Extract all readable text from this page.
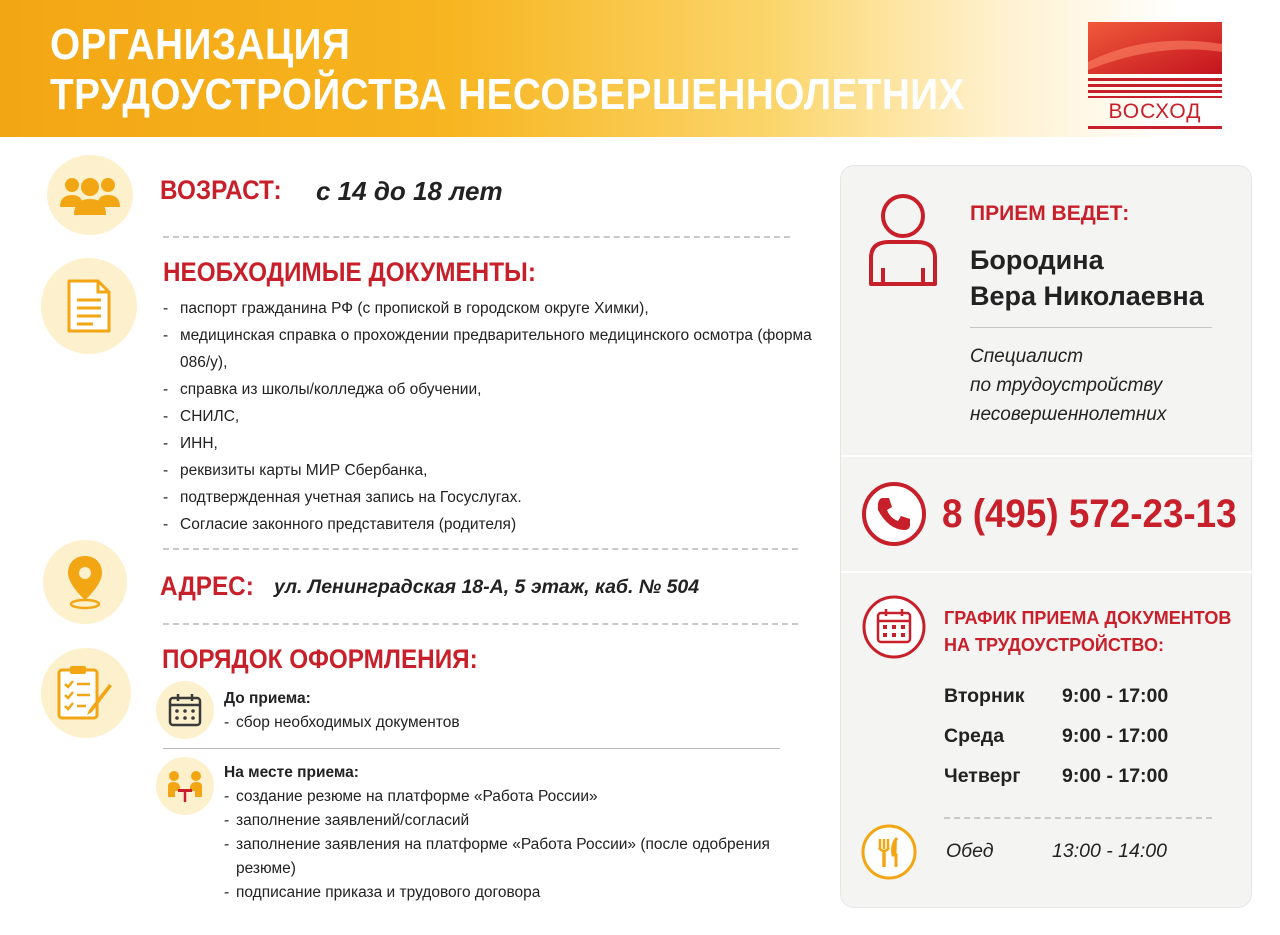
ОРГАНИЗАЦИЯ
ТРУДОУСТРОЙСТВА НЕСОВЕРШЕННОЛЕТНИХ	ВОСХОД
ВОЗРАСТ: с 14 до 18 лет
НЕОБХОДИМЫЕ ДОКУМЕНТЫ:
- паспорт гражданина РФ (с пропиской в городском округе Химки),
- медицинская справка о прохождении предварительного медицинского осмотра (форма 086/у),
- справка из школы/колледжа об обучении,
- СНИЛС,
- ИНН,
- реквизиты карты МИР Сбербанка,
- подтвержденная учетная запись на Госуслугах.
- Согласие законного представителя (родителя)
АДРЕС: ул. Ленинградская 18-А, 5 этаж, каб. № 504
ПОРЯДОК ОФОРМЛЕНИЯ:
До приема:
- сбор необходимых документов
На месте приема:
- создание резюме на платформе «Работа России»
- заполнение заявлений/согласий
- заполнение заявления на платформе «Работа России» (после одобрения резюме)
- подписание приказа и трудового договора
ПРИЕМ ВЕДЕТ:
Бородина
Вера Николаевна
Специалист
по трудоустройству
несовершеннолетних
8 (495) 572-23-13
ГРАФИК ПРИЕМА ДОКУМЕНТОВ
НА ТРУДОУСТРОЙСТВО:
Вторник 9:00 - 17:00
Среда	9:00 - 17:00
Четверг 9:00 - 17:00
Обед	13:00 - 14:00
